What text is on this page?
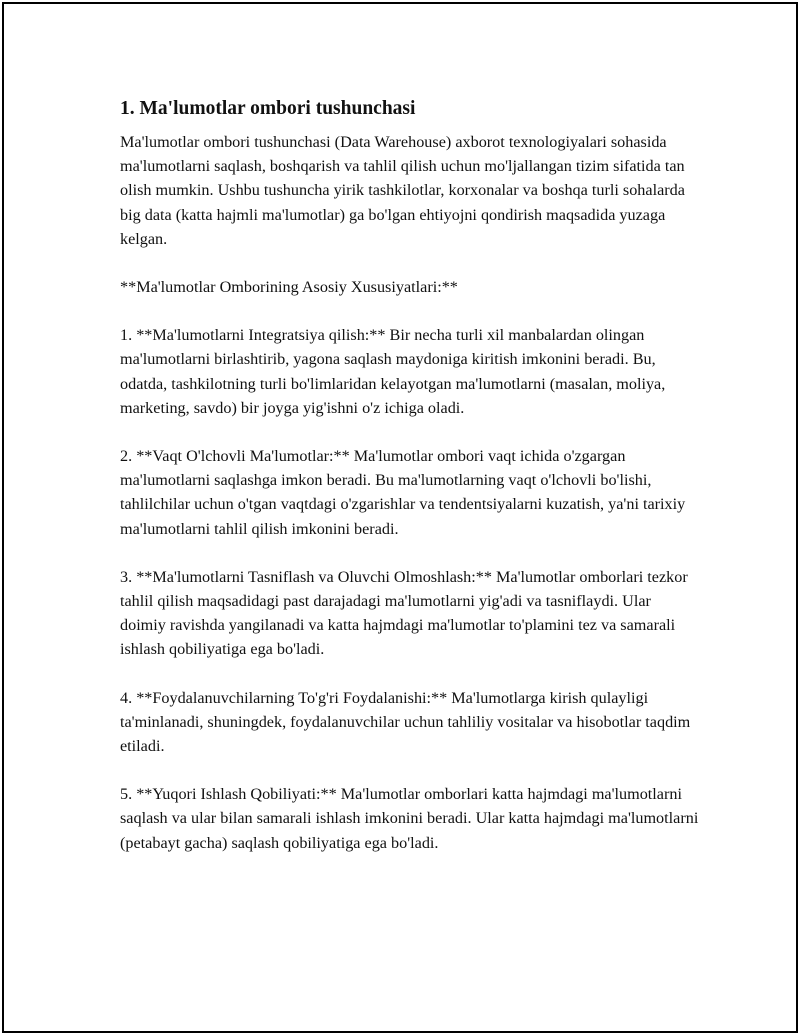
1. Ma'lumotlar ombori tushunchasi

Ma'lumotlar ombori tushunchasi (Data Warehouse) axborot texnologiyalari sohasida ma'lumotlarni saqlash, boshqarish va tahlil qilish uchun mo'ljallangan tizim sifatida tan olish mumkin. Ushbu tushuncha yirik tashkilotlar, korxonalar va boshqa turli sohalarda big data (katta hajmli ma'lumotlar) ga bo'lgan ehtiyojni qondirish maqsadida yuzaga kelgan.

**Ma'lumotlar Omborining Asosiy Xususiyatlari:**

1. **Ma'lumotlarni Integratsiya qilish:** Bir necha turli xil manbalardan olingan ma'lumotlarni birlashtirib, yagona saqlash maydoniga kiritish imkonini beradi. Bu, odatda, tashkilotning turli bo'limlaridan kelayotgan ma'lumotlarni (masalan, moliya, marketing, savdo) bir joyga yig'ishni o'z ichiga oladi.

2. **Vaqt O'lchovli Ma'lumotlar:** Ma'lumotlar ombori vaqt ichida o'zgargan ma'lumotlarni saqlashga imkon beradi. Bu ma'lumotlarning vaqt o'lchovli bo'lishi, tahlilchilar uchun o'tgan vaqtdagi o'zgarishlar va tendentsiyalarni kuzatish, ya'ni tarixiy ma'lumotlarni tahlil qilish imkonini beradi.

3. **Ma'lumotlarni Tasniflash va Oluvchi Olmoshlash:** Ma'lumotlar omborlari tezkor tahlil qilish maqsadidagi past darajadagi ma'lumotlarni yig'adi va tasniflaydi. Ular doimiy ravishda yangilanadi va katta hajmdagi ma'lumotlar to'plamini tez va samarali ishlash qobiliyatiga ega bo'ladi.

4. **Foydalanuvchilarning To'g'ri Foydalanishi:** Ma'lumotlarga kirish qulayligi ta'minlanadi, shuningdek, foydalanuvchilar uchun tahliliy vositalar va hisobotlar taqdim etiladi.

5. **Yuqori Ishlash Qobiliyati:** Ma'lumotlar omborlari katta hajmdagi ma'lumotlarni saqlash va ular bilan samarali ishlash imkonini beradi. Ular katta hajmdagi ma'lumotlarni (petabayt gacha) saqlash qobiliyatiga ega bo'ladi.
